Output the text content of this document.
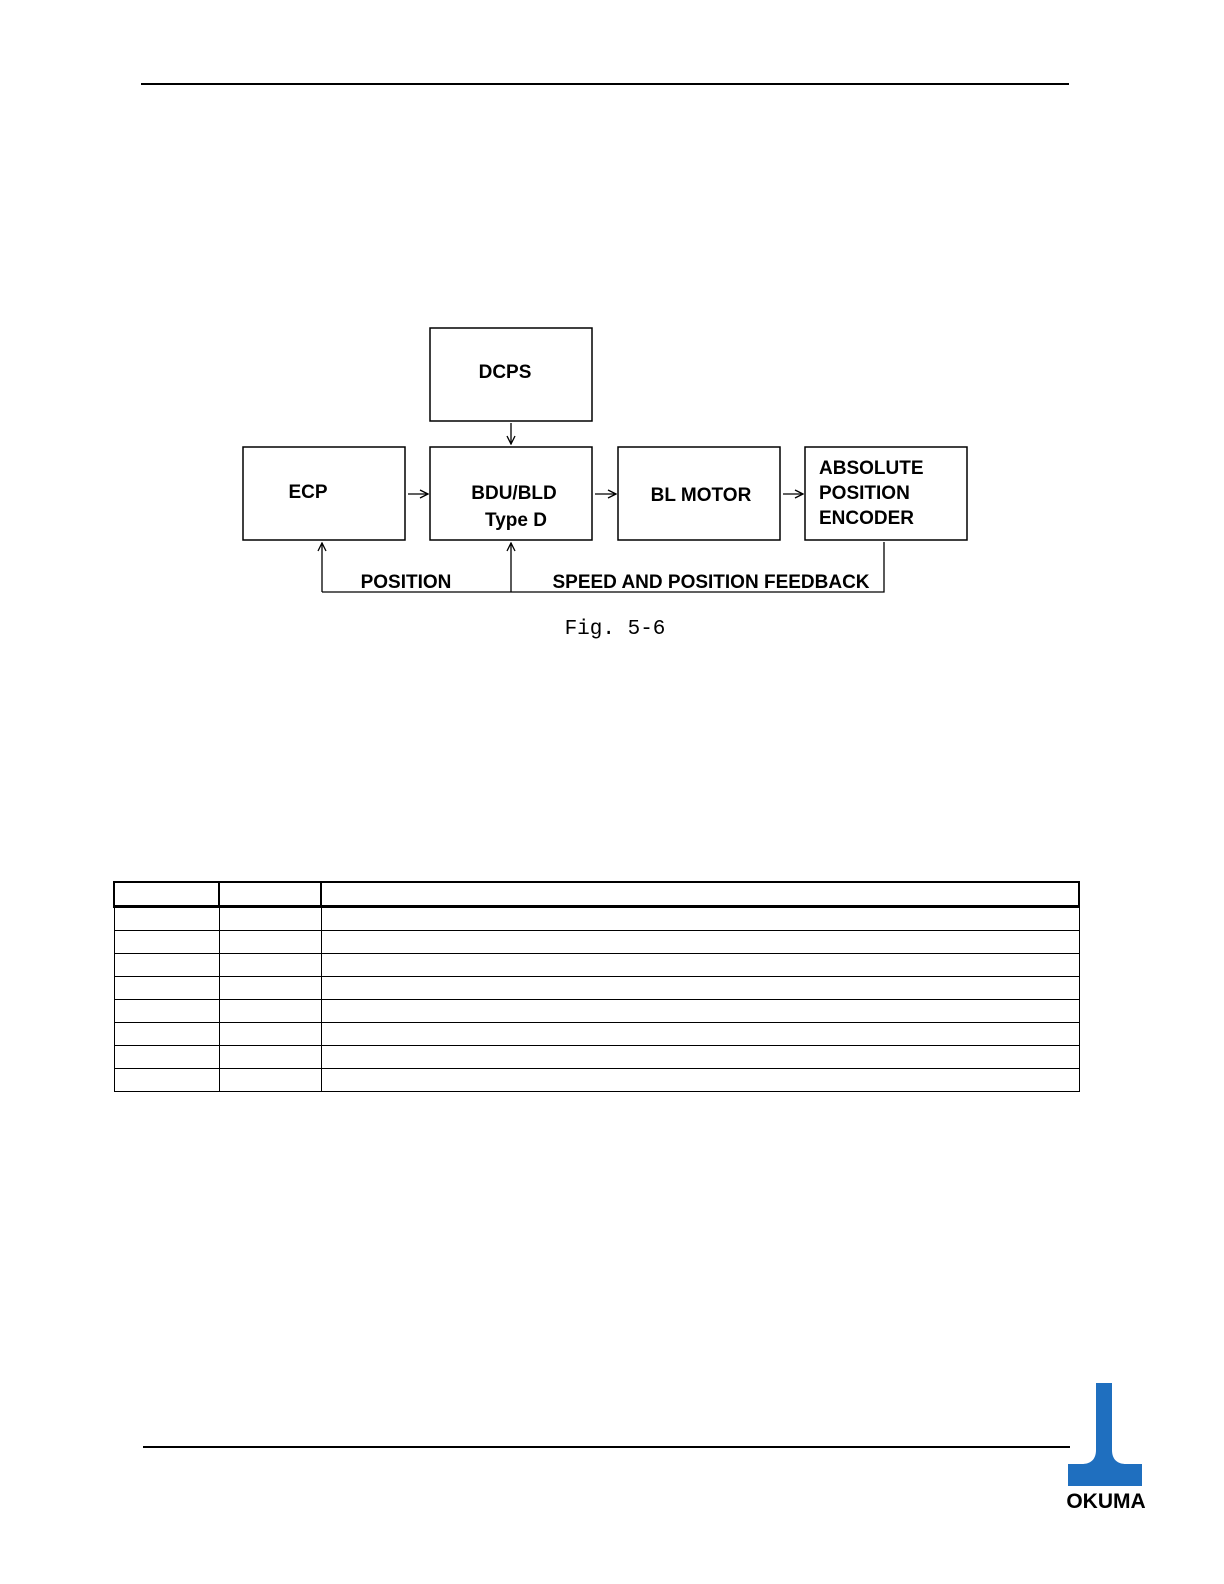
DCPS
ECP	BDU/BLD
Type D
BL MOTOR
ABSOLUTE
POSITION
ENCODER
POSITION	SPEED AND POSITION FEEDBACK
Fig. 5-6

OKUMA
